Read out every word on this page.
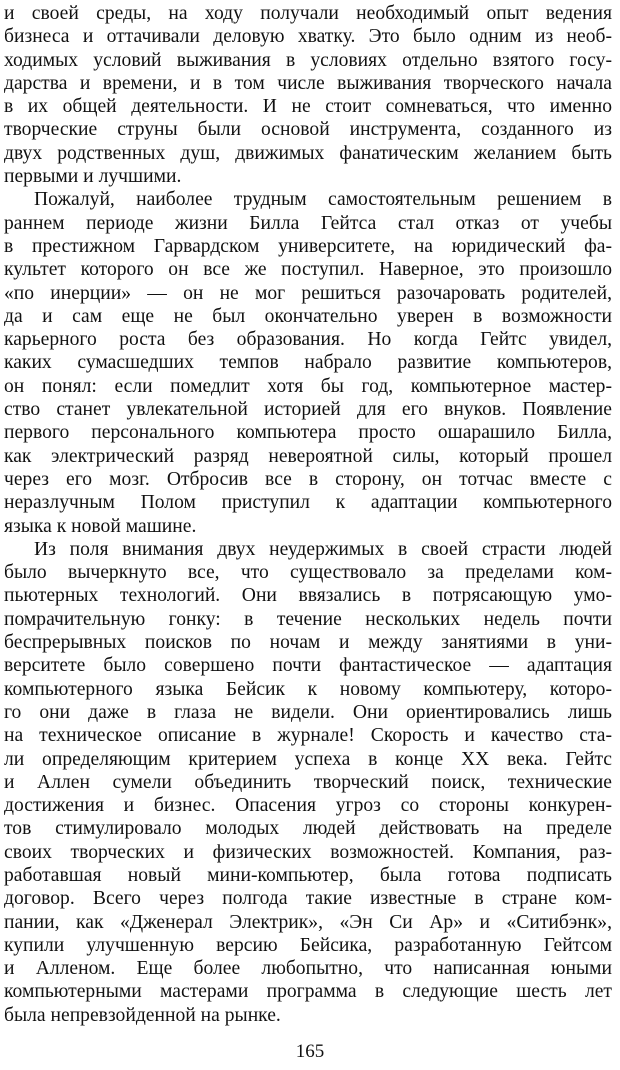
и своей среды, на ходу получали необходимый опыт ведения
бизнеса и оттачивали деловую хватку. Это было одним из необ-
ходимых условий выживания в условиях отдельно взятого госу-
дарства и времени, и в том числе выживания творческого начала
в их общей деятельности. И не стоит сомневаться, что именно
творческие струны были основой инструмента, созданного из
двух родственных душ, движимых фанатическим желанием быть
первыми и лучшими.

Пожалуй, наиболее трудным самостоятельным решением в
раннем периоде жизни Билла Гейтса стал отказ от учебы
в престижном Гарвардском университете, на юридический фа-
культет которого он все же поступил. Наверное, это произошло
«по инерции» — он не мог решиться разочаровать родителей,
да и сам еще не был окончательно уверен в возможности
карьерного роста без образования. Но когда Гейтс увидел,
каких сумасшедших темпов набрало развитие компьютеров,
он понял: если помедлит хотя бы год, компьютерное мастер-
ство станет увлекательной историей для его внуков. Появление
первого персонального компьютера просто ошарашило Билла,
как электрический разряд невероятной силы, который прошел
через его мозг. Отбросив все в сторону, он тотчас вместе с
неразлучным Полом приступил к адаптации компьютерного
языка к новой машине.

Из поля внимания двух неудержимых в своей страсти людей
было вычеркнуто все, что существовало за пределами ком-
пьютерных технологий. Они ввязались в потрясающую умо-
помрачительную гонку: в течение нескольких недель почти
беспрерывных поисков по ночам и между занятиями в уни-
верситете было совершено почти фантастическое — адаптация
компьютерного языка Бейсик к новому компьютеру, которо-
го они даже в глаза не видели. Они ориентировались лишь
на техническое описание в журнале! Скорость и качество ста-
ли определяющим критерием успеха в конце XX века. Гейтс
и Аллен сумели объединить творческий поиск, технические
достижения и бизнес. Опасения угроз со стороны конкурен-
тов стимулировало молодых людей действовать на пределе
своих творческих и физических возможностей. Компания, раз-
работавшая новый мини-компьютер, была готова подписать
договор. Всего через полгода такие известные в стране ком-
пании, как «Дженерал Электрик», «Эн Си Ар» и «Ситибэнк»,
купили улучшенную версию Бейсика, разработанную Гейтсом
и Алленом. Еще более любопытно, что написанная юными
компьютерными мастерами программа в следующие шесть лет
была непревзойденной на рынке.

165
